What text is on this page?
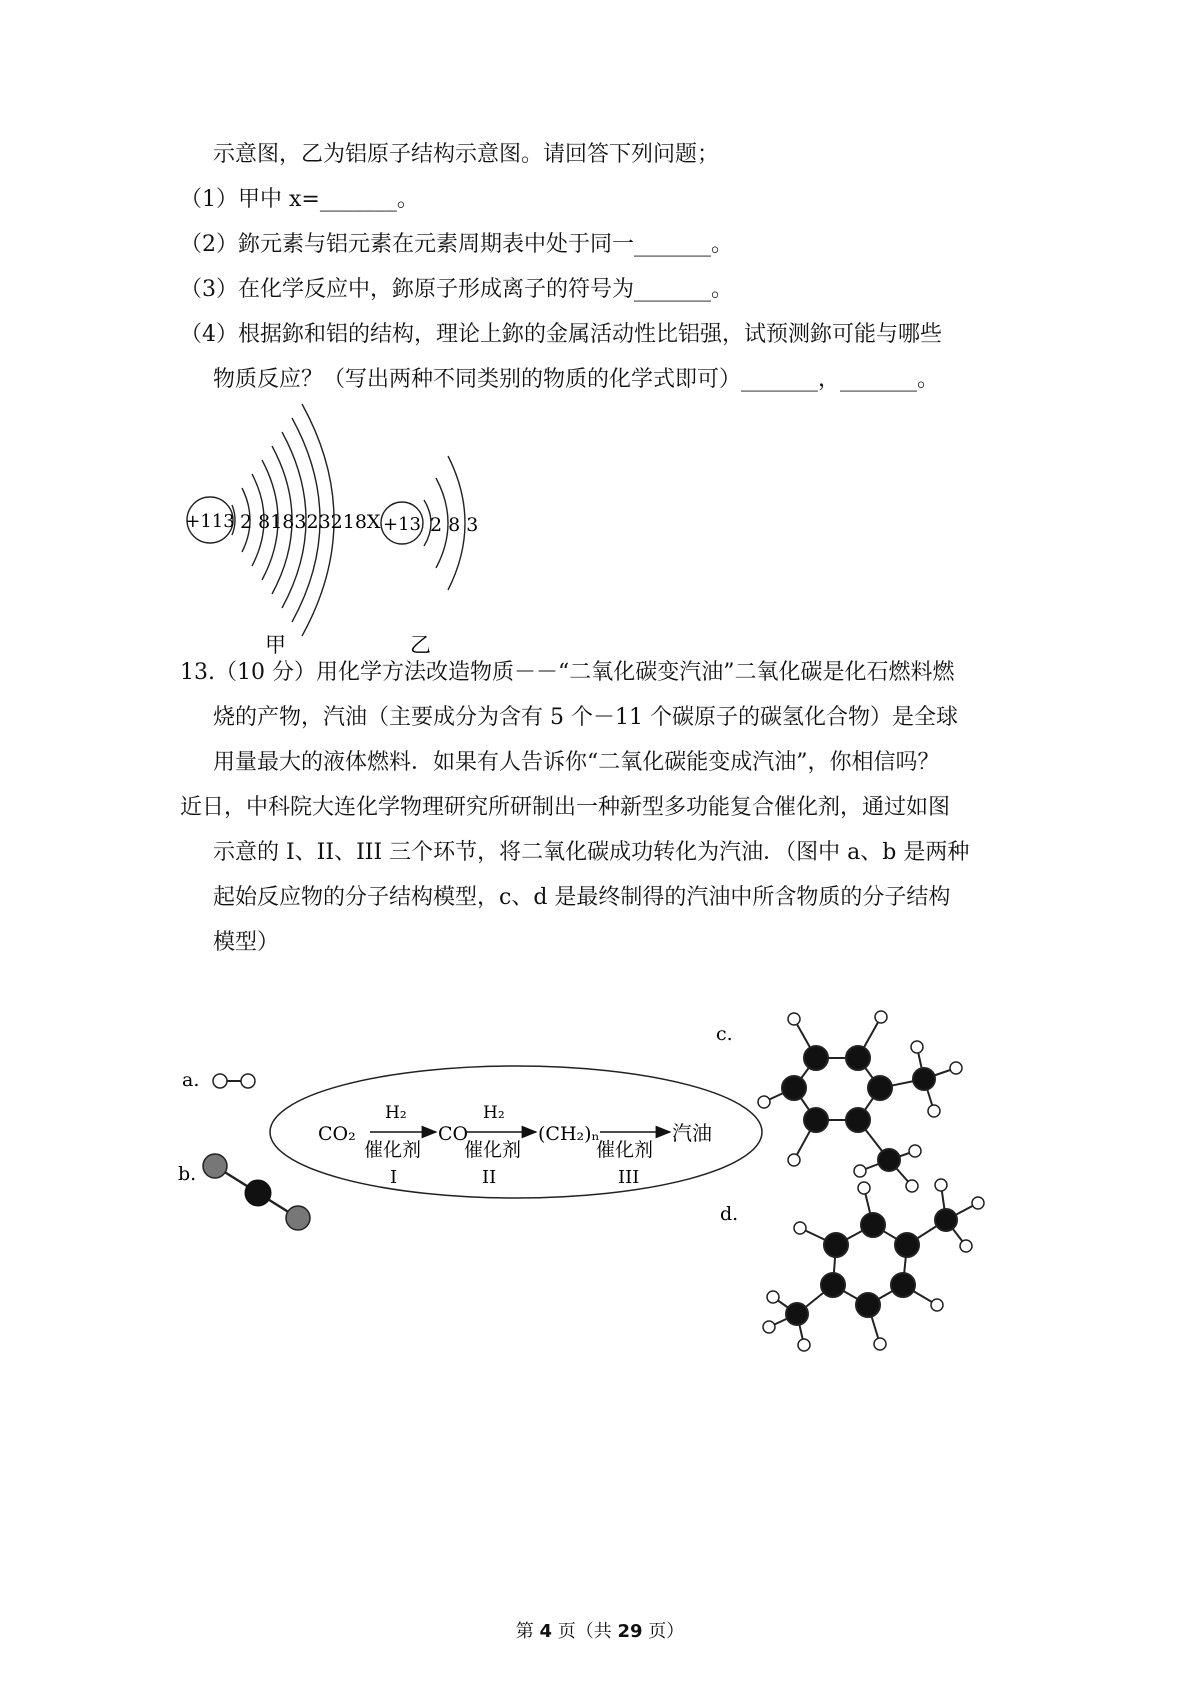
示意图，乙为铝原子结构示意图。请回答下列问题；
（1）甲中 x=_______。
（2）鉨元素与铝元素在元素周期表中处于同一_______。
（3）在化学反应中，鉨原子形成离子的符号为_______。
（4）根据鉨和铝的结构，理论上鉨的金属活动性比铝强，试预测鉨可能与哪些
物质反应？（写出两种不同类别的物质的化学式即可）_______，_______。
+113 2 818323218X
甲
+13 2 8 3
乙
13.（10 分）用化学方法改造物质－－“二氧化碳变汽油”二氧化碳是化石燃料燃
烧的产物，汽油（主要成分为含有 5 个－11 个碳原子的碳氢化合物）是全球
用量最大的液体燃料．如果有人告诉你“二氧化碳能变成汽油”，你相信吗？
近日，中科院大连化学物理研究所研制出一种新型多功能复合催化剂，通过如图
示意的 I、II、III 三个环节，将二氧化碳成功转化为汽油．（图中 a、b 是两种
起始反应物的分子结构模型，c、d 是最终制得的汽油中所含物质的分子结构
模型）
a.
b.
CO₂
H₂
催化剂
I
CO
H₂
催化剂
II
(CH₂)ₙ
催化剂
III
汽油
c.
d.
第 4 页（共 29 页）
